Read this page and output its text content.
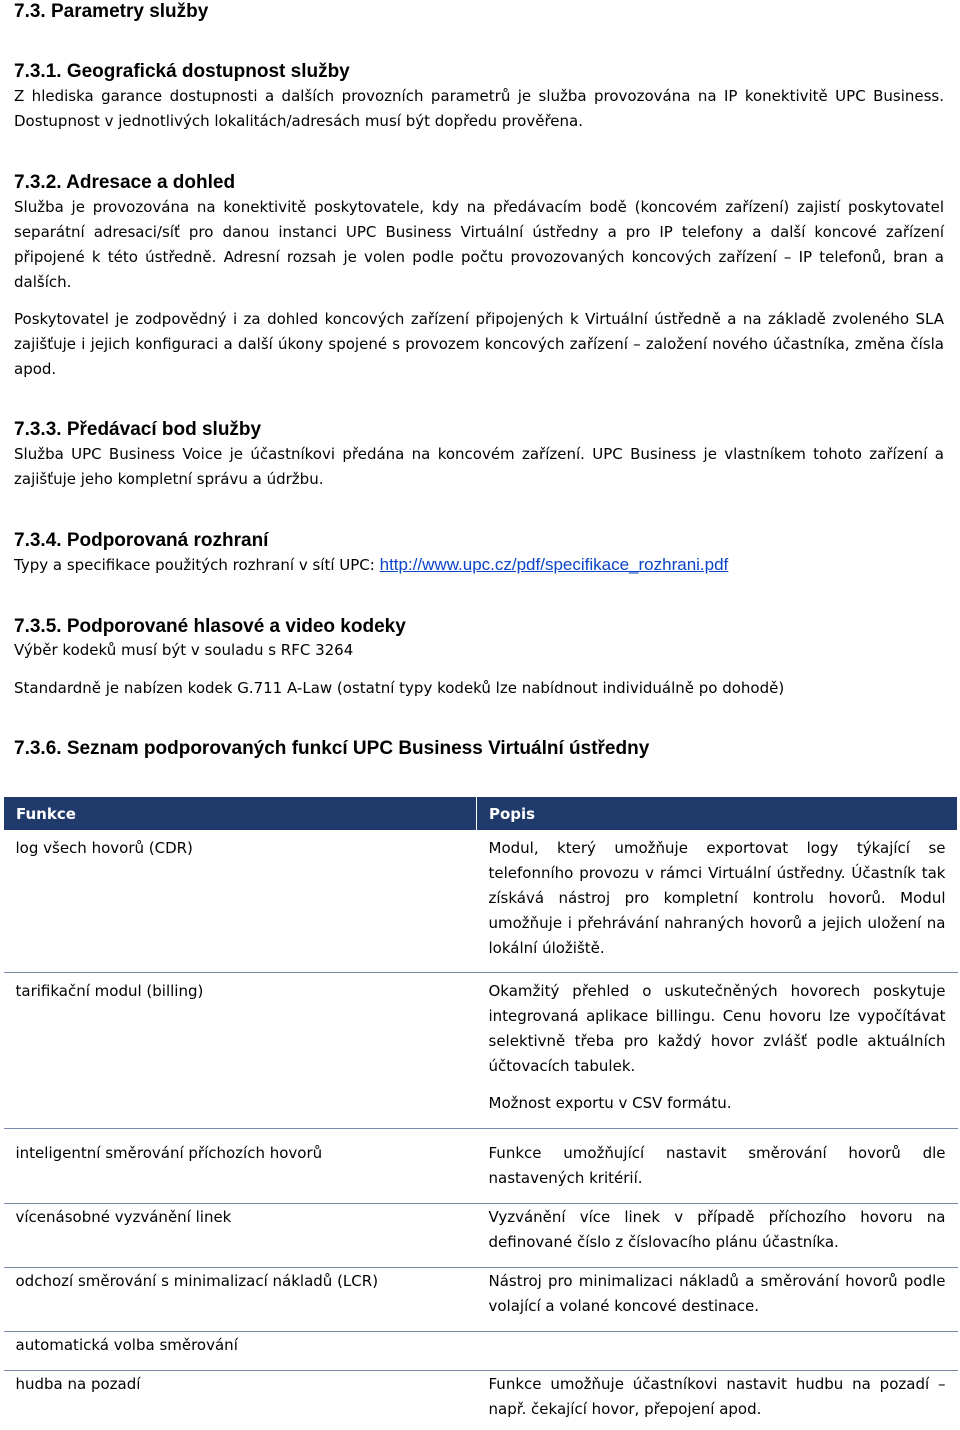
7.3. Parametry služby
7.3.1. Geografická dostupnost služby

Z hlediska garance dostupnosti a dalších provozních parametrů je služba provozována na IP konektivitě UPC Business. Dostupnost v jednotlivých lokalitách/adresách musí být dopředu prověřena.

7.3.2. Adresace a dohled

Služba je provozována na konektivitě poskytovatele, kdy na předávacím bodě (koncovém zařízení) zajistí poskytovatel separátní adresaci/síť pro danou instanci UPC Business Virtuální ústředny a pro IP telefony a další koncové zařízení připojené k této ústředně. Adresní rozsah je volen podle počtu provozovaných koncových zařízení – IP telefonů, bran a dalších.

Poskytovatel je zodpovědný i za dohled koncových zařízení připojených k Virtuální ústředně a na základě zvoleného SLA zajišťuje i jejich konfiguraci a další úkony spojené s provozem koncových zařízení – založení nového účastníka, změna čísla apod.

7.3.3. Předávací bod služby

Služba UPC Business Voice je účastníkovi předána na koncovém zařízení. UPC Business je vlastníkem tohoto zařízení a zajišťuje jeho kompletní správu a údržbu.

7.3.4. Podporovaná rozhraní

Typy a specifikace použitých rozhraní v sítí UPC: http://www.upc.cz/pdf/specifikace_rozhrani.pdf

7.3.5. Podporované hlasové a video kodeky

Výběr kodeků musí být v souladu s RFC 3264

Standardně je nabízen kodek G.711 A-Law (ostatní typy kodeků lze nabídnout individuálně po dohodě)

7.3.6. Seznam podporovaných funkcí UPC Business Virtuální ústředny
Funkce	Popis
log všech hovorů (CDR)	Modul, který umožňuje exportovat logy týkající se telefonního provozu v rámci Virtuální ústředny. Účastník tak získává nástroj pro kompletní kontrolu hovorů. Modul umožňuje i přehrávání nahraných hovorů a jejich uložení na lokální úložiště.
tarifikační modul (billing)	Okamžitý přehled o uskutečněných hovorech poskytuje integrovaná aplikace billingu. Cenu hovoru lze vypočítávat selektivně třeba pro každý hovor zvlášť podle aktuálních účtovacích tabulek.

Možnost exportu v CSV formátu.

inteligentní směrování příchozích hovorů	Funkce umožňující nastavit směrování hovorů dle nastavených kritérií.
vícenásobné vyzvánění linek	Vyzvánění více linek v případě příchozího hovoru na definované číslo z číslovacího plánu účastníka.
odchozí směrování s minimalizací nákladů (LCR)	Nástroj pro minimalizaci nákladů a směrování hovorů podle volající a volané koncové destinace.
automatická volba směrování	
hudba na pozadí	Funkce umožňuje účastníkovi nastavit hudbu na pozadí – např. čekající hovor, přepojení apod.
